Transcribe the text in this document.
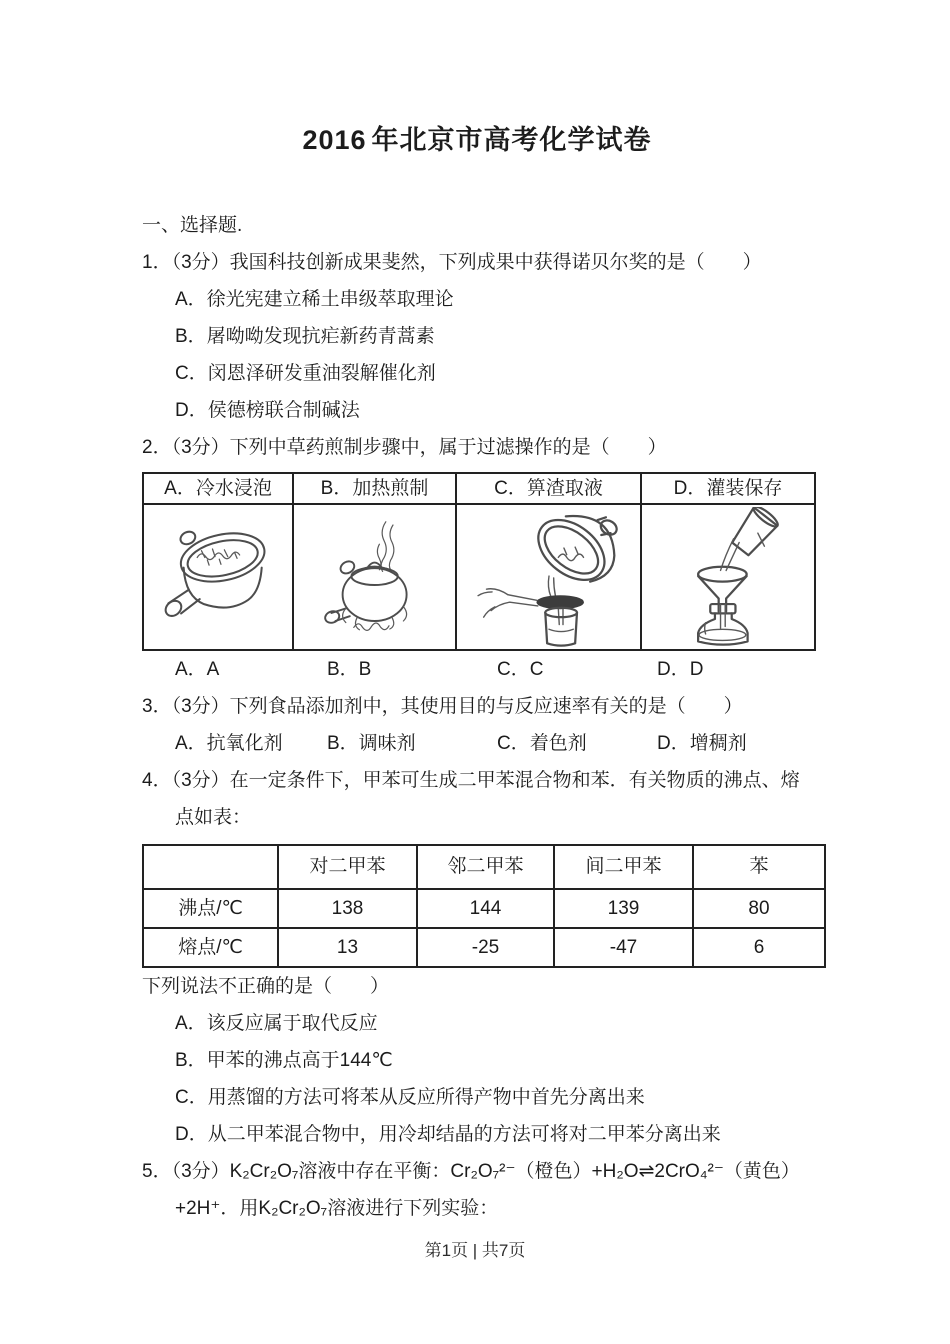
2016 年北京市高考化学试卷
一、选择题.
1．（3分）我国科技创新成果斐然，下列成果中获得诺贝尔奖的是（　　）
A．徐光宪建立稀土串级萃取理论
B．屠呦呦发现抗疟新药青蒿素
C．闵恩泽研发重油裂解催化剂
D．侯德榜联合制碱法
2．（3分）下列中草药煎制步骤中，属于过滤操作的是（　　）
A．冷水浸泡	B．加热煎制	C．箅渣取液	D．灌装保存

A．A	B．B	C．C	D．D
3．（3分）下列食品添加剂中，其使用目的与反应速率有关的是（　　）
A．抗氧化剂	B．调味剂	C．着色剂	D．增稠剂
4．（3分）在一定条件下，甲苯可生成二甲苯混合物和苯．有关物质的沸点、熔点如表：
	对二甲苯	邻二甲苯	间二甲苯	苯
沸点/℃	138	144	139	80
熔点/℃	13	-25	-47	6
下列说法不正确的是（　　）
A．该反应属于取代反应
B．甲苯的沸点高于144℃
C．用蒸馏的方法可将苯从反应所得产物中首先分离出来
D．从二甲苯混合物中，用冷却结晶的方法可将对二甲苯分离出来
5．（3分）K₂Cr₂O₇溶液中存在平衡：Cr₂O₇²⁻（橙色）+H₂O⇌2CrO₄²⁻（黄色）+2H⁺．用K₂Cr₂O₇溶液进行下列实验：
第1页 | 共7页
